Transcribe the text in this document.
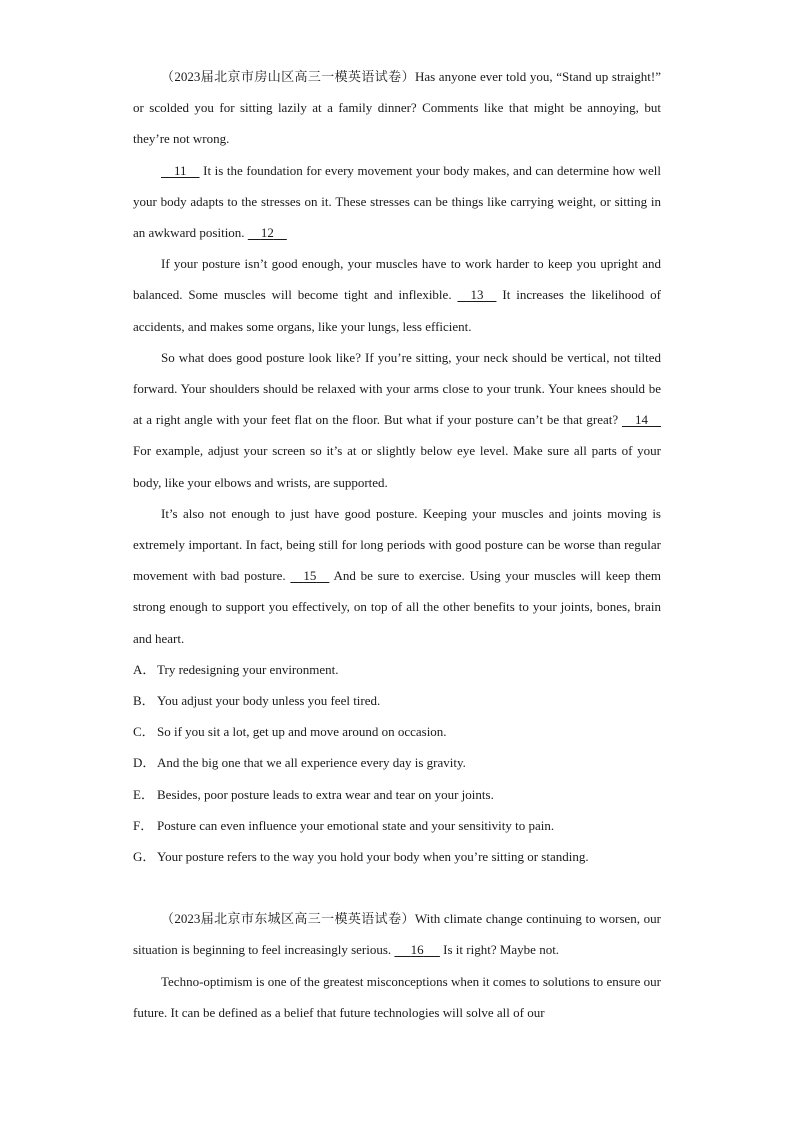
（2023届北京市房山区高三一模英语试卷）Has anyone ever told you, “Stand up straight!” or scolded you for sitting lazily at a family dinner? Comments like that might be annoying, but they’re not wrong.

11     It is the foundation for every movement your body makes, and can determine how well your body adapts to the stresses on it. These stresses can be things like carrying weight, or sitting in an awkward position.     12

If your posture isn’t good enough, your muscles have to work harder to keep you upright and balanced. Some muscles will become tight and inflexible.     13     It increases the likelihood of accidents, and makes some organs, like your lungs, less efficient.

So what does good posture look like? If you’re sitting, your neck should be vertical, not tilted forward. Your shoulders should be relaxed with your arms close to your trunk. Your knees should be at a right angle with your feet flat on the floor. But what if your posture can’t be that great?     14     For example, adjust your screen so it’s at or slightly below eye level. Make sure all parts of your body, like your elbows and wrists, are supported.

It’s also not enough to just have good posture. Keeping your muscles and joints moving is extremely important. In fact, being still for long periods with good posture can be worse than regular movement with bad posture.     15     And be sure to exercise. Using your muscles will keep them strong enough to support you effectively, on top of all the other benefits to your joints, bones, brain and heart.

A． Try redesigning your environment.
B． You adjust your body unless you feel tired.
C． So if you sit a lot, get up and move around on occasion.
D． And the big one that we all experience every day is gravity.
E． Besides, poor posture leads to extra wear and tear on your joints.
F． Posture can even influence your emotional state and your sensitivity to pain.
G． Your posture refers to the way you hold your body when you’re sitting or standing.

（2023届北京市东城区高三一模英语试卷）With climate change continuing to worsen, our situation is beginning to feel increasingly serious.      16      Is it right? Maybe not.

Techno-optimism is one of the greatest misconceptions when it comes to solutions to ensure our future. It can be defined as a belief that future technologies will solve all of our
